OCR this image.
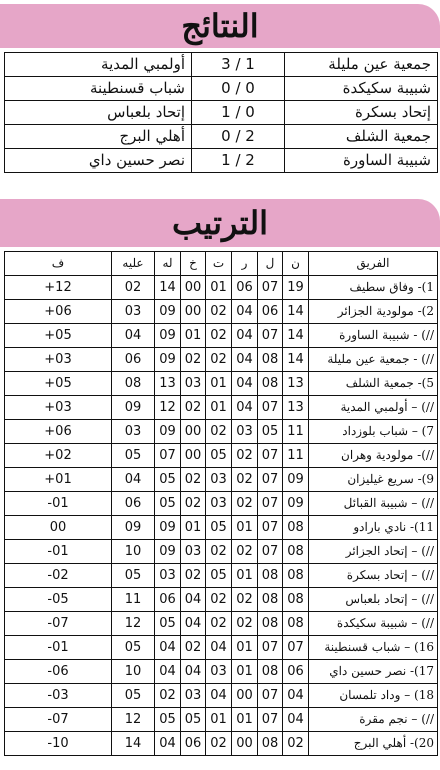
النتائج
جمعية عين مليلة	3 / 1	أولمبي المدية
شبيبة سكيكدة	0 / 0	شباب قسنطينة
إتحاد بسكرة	1 / 0	إتحاد بلعباس
جمعية الشلف	0 / 2	أهلي البرج
شبيبة الساورة	1 / 2	نصر حسين داي
الترتيب
الفريق	ن	ل	ر	ت	خ	له	عليه	ف
1)- وفاق سطيف	19	07	06	01	00	14	02	+12
2)- مولودية الجزائر	14	06	04	02	00	09	03	+06
//) - شبيبة الساورة	14	07	04	02	01	09	04	+05
//) - جمعية عين مليلة	14	08	04	02	02	09	06	+03
5)- جمعية الشلف	13	08	04	01	03	13	08	+05
//) – أولمبي المدية	13	07	04	01	02	12	09	+03
7) – شباب بلوزداد	11	05	03	02	00	09	03	+06
//)- مولودية وهران	11	07	02	05	00	07	05	+02
9)- سريع غيليزان	09	07	02	03	02	05	04	+01
//) – شبيبة القبائل	09	07	02	03	02	05	06	-01
11)- نادي بارادو	08	07	01	05	01	09	09	00
//) – إتحاد الجزائر	08	07	02	02	03	09	10	-01
//) – إتحاد بسكرة	08	08	01	05	02	03	05	-02
//) – إتحاد بلعباس	08	08	02	02	04	06	11	-05
//) – شبيبة سكيكدة	08	08	02	02	04	05	12	-07
16) – شباب قسنطينة	07	07	01	04	02	04	05	-01
17)- نصر حسين داي	06	08	01	03	04	04	10	-06
18) – وداد تلمسان	04	07	00	04	03	02	05	-03
//) – نجم مقرة	04	07	01	01	05	05	12	-07
20)- أهلي البرج	02	08	00	02	06	04	14	-10
